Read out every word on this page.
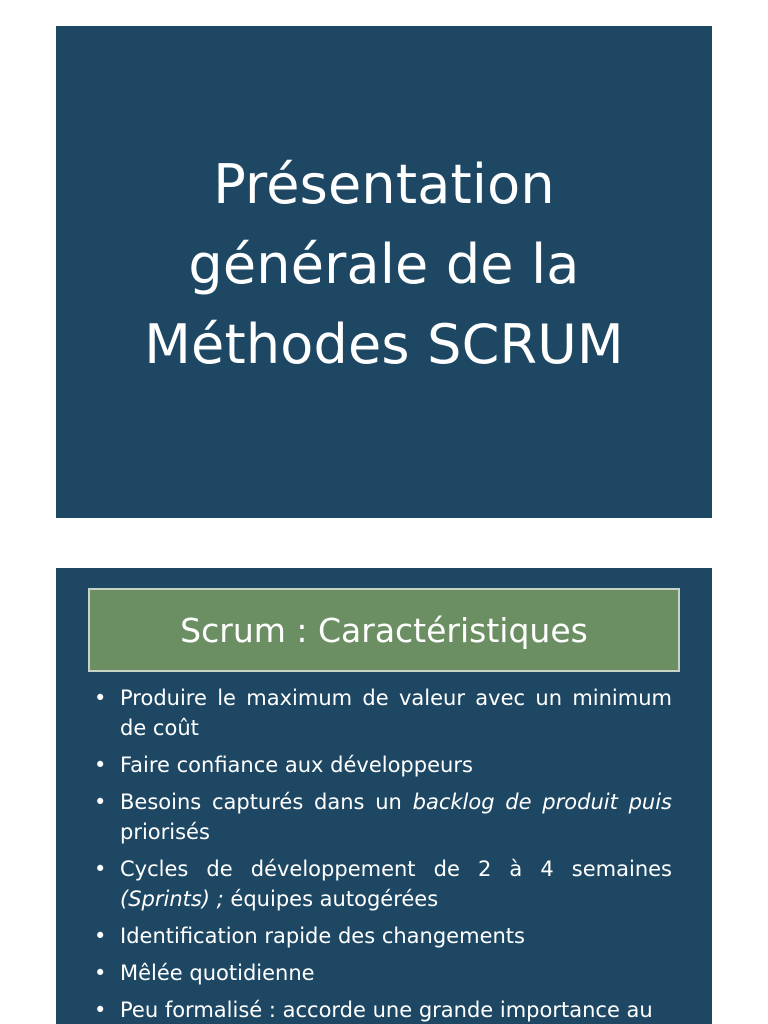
Présentation
générale de la
Méthodes SCRUM
Scrum : Caractéristiques
• Produire le maximum de valeur avec un minimum de coût
• Faire confiance aux développeurs
• Besoins capturés dans un backlog de produit puis priorisés
• Cycles de développement de 2 à 4 semaines (Sprints) ; équipes autogérées
• Identification rapide des changements
• Mêlée quotidienne
• Peu formalisé : accorde une grande importance au
